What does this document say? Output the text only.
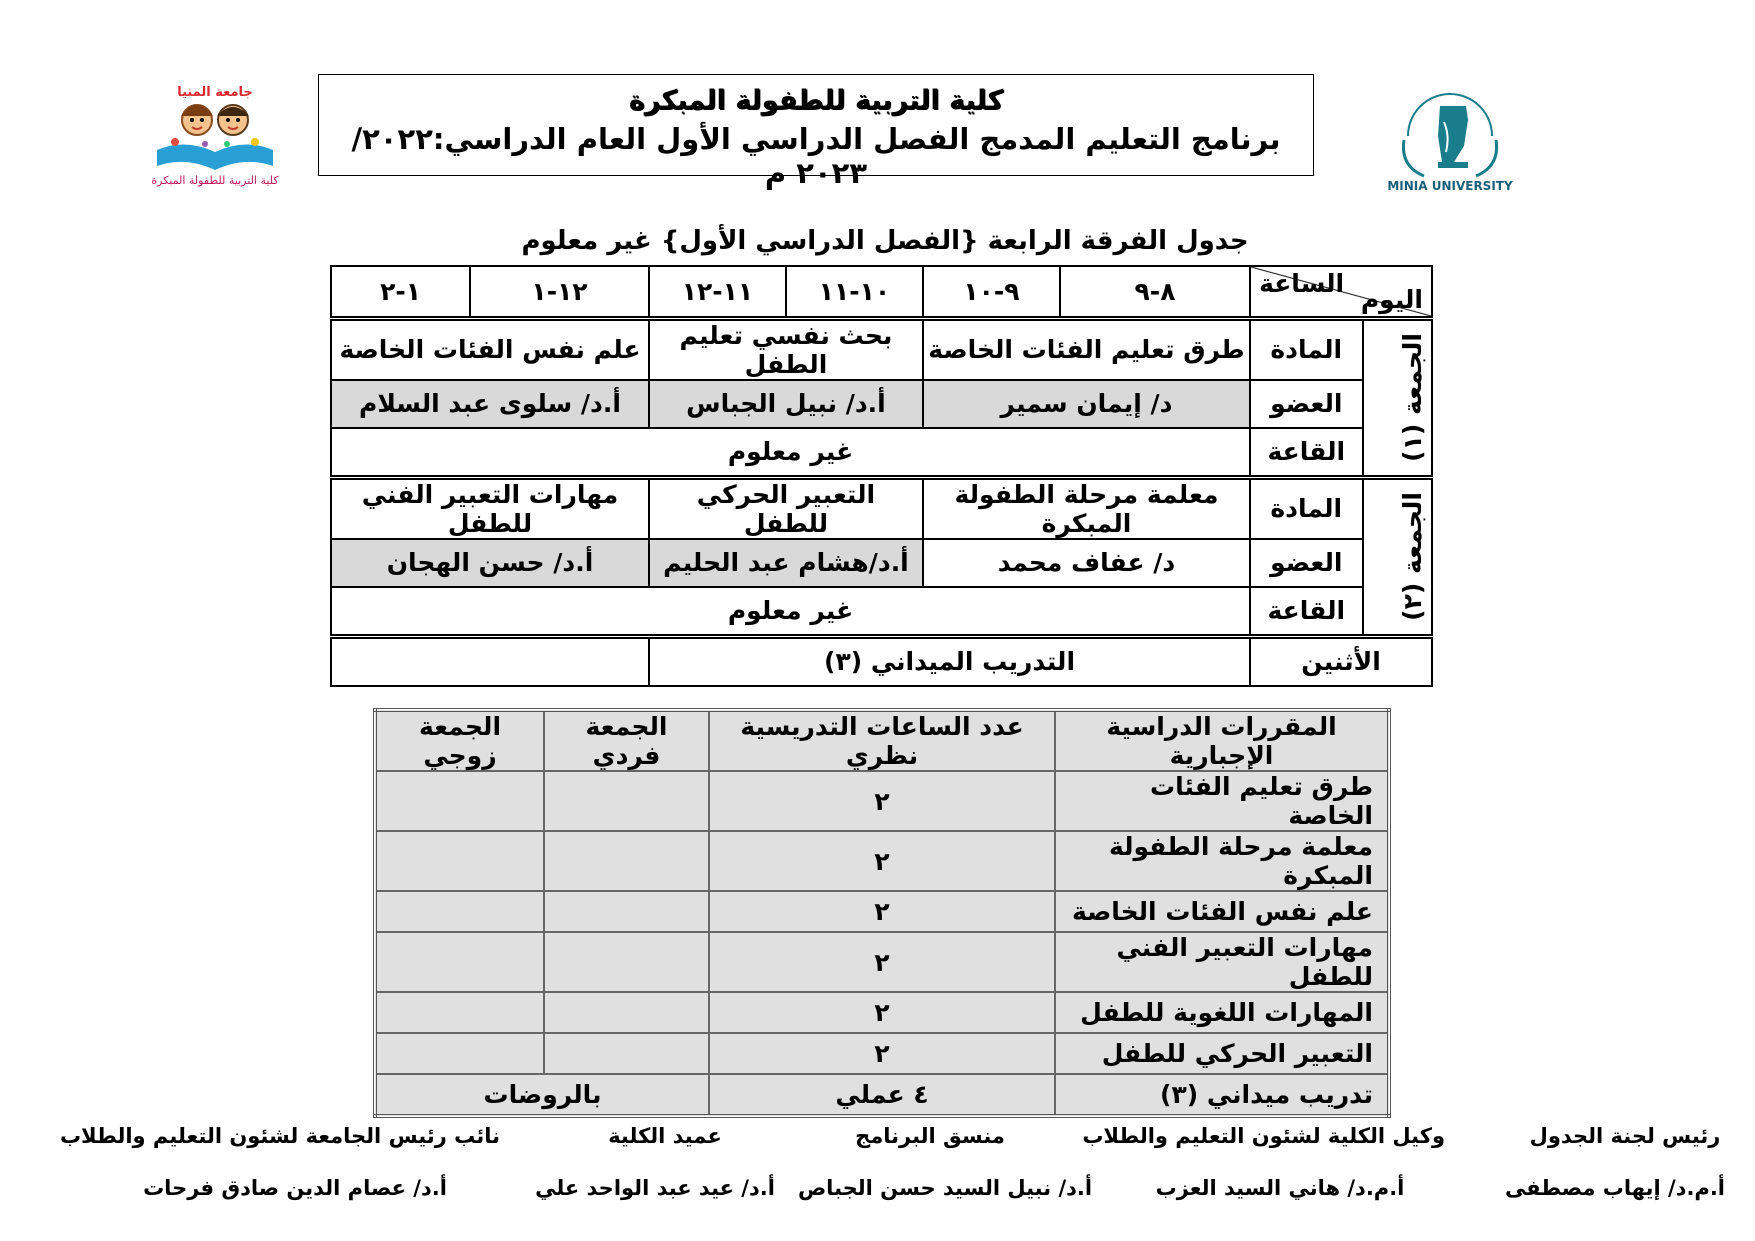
جامعة المنيا
كلية التربية للطفولة المبكرة	MINIA UNIVERSITY
كلية التربية للطفولة المبكرة
برنامج التعليم المدمج الفصل الدراسي الأول العام الدراسي:٢٠٢٢/ ٢٠٢٣ م
جدول الفرقة الرابعة {الفصل الدراسي الأول} غير معلوم
اليوم
الساعة		٨-٩	٩-١٠	١٠-١١	١١-١٢	١٢-١	١-٢

الجمعة (١)	المادة	طرق تعليم الفئات الخاصة		بحث نفسي تعليم الطفل		علم نفس الفئات الخاصة	
	العضو	د/ إيمان سمير		أ.د/ نبيل الجباس		أ.د/ سلوى عبد السلام	
	القاعة	غير معلوم					

الجمعة (٢)	المادة	معلمة مرحلة الطفولة المبكرة		التعبير الحركي للطفل		مهارات التعبير الفني للطفل	
	العضو	د/ عفاف محمد		أ.د/هشام عبد الحليم		أ.د/ حسن الهجان	
	القاعة	غير معلوم					
الأثنين		التدريب الميداني (٣)					
المقررات الدراسية الإجبارية	عدد الساعات التدريسية نظري	الجمعة فردي	الجمعة زوجي
طرق تعليم الفئات الخاصة	٢		
معلمة مرحلة الطفولة المبكرة	٢		
علم نفس الفئات الخاصة	٢		
مهارات التعبير الفني للطفل	٢		
المهارات اللغوية للطفل	٢		
التعبير الحركي للطفل	٢		
تدريب ميداني (٣)	٤ عملي	بالروضات	
رئيس لجنة الجدول
أ.م.د/ إيهاب مصطفى
وكيل الكلية لشئون التعليم والطلاب
أ.م.د/ هاني السيد العزب
منسق البرنامج
أ.د/ نبيل السيد حسن الجباص
عميد الكلية
أ.د/ عيد عبد الواحد علي
نائب رئيس الجامعة لشئون التعليم والطلاب
أ.د/ عصام الدين صادق فرحات
